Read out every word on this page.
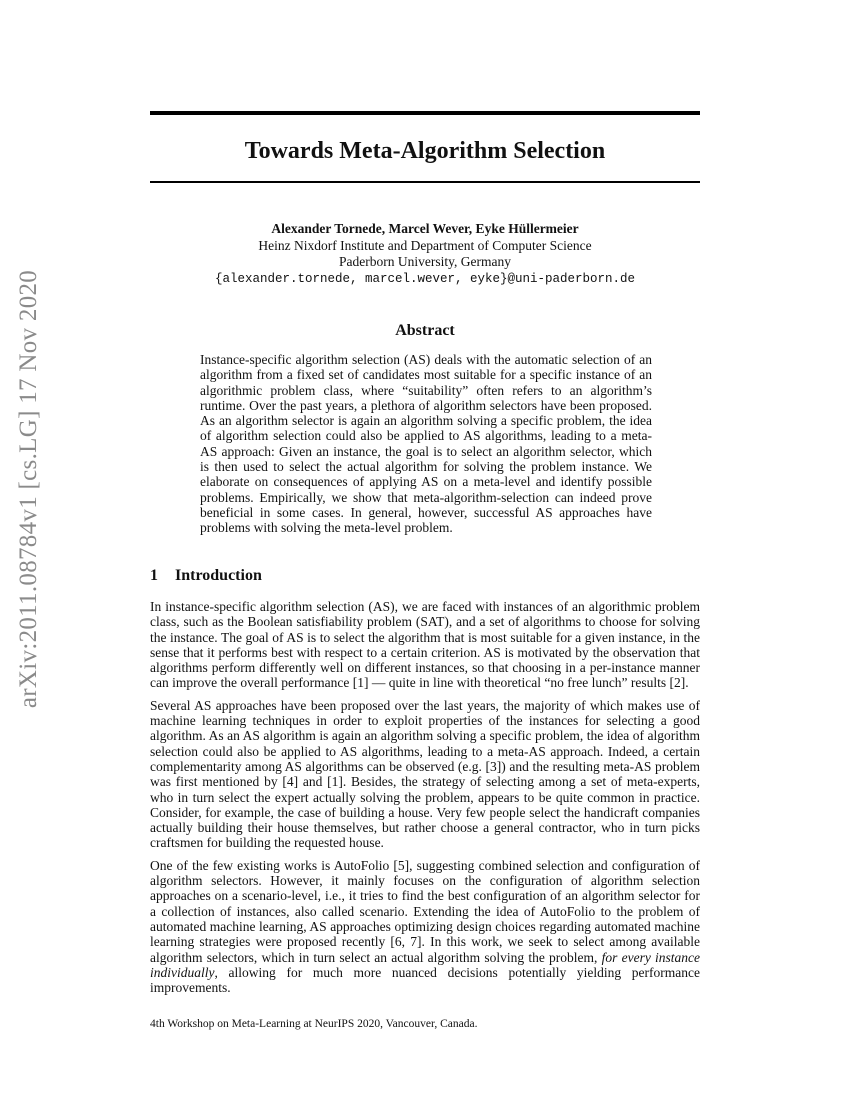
arXiv:2011.08784v1 [cs.LG] 17 Nov 2020
Towards Meta-Algorithm Selection
Alexander Tornede, Marcel Wever, Eyke Hüllermeier
Heinz Nixdorf Institute and Department of Computer Science
Paderborn University, Germany
{alexander.tornede, marcel.wever, eyke}@uni-paderborn.de
Abstract

Instance-specific algorithm selection (AS) deals with the automatic selection of an algorithm from a fixed set of candidates most suitable for a specific instance of an algorithmic problem class, where “suitability” often refers to an algorithm’s runtime. Over the past years, a plethora of algorithm selectors have been proposed. As an algorithm selector is again an algorithm solving a specific problem, the idea of algorithm selection could also be applied to AS algorithms, leading to a meta-AS approach: Given an instance, the goal is to select an algorithm selector, which is then used to select the actual algorithm for solving the problem instance. We elaborate on consequences of applying AS on a meta-level and identify possible problems. Empirically, we show that meta-algorithm-selection can indeed prove beneficial in some cases. In general, however, successful AS approaches have problems with solving the meta-level problem.

1 Introduction

In instance-specific algorithm selection (AS), we are faced with instances of an algorithmic problem class, such as the Boolean satisfiability problem (SAT), and a set of algorithms to choose for solving the instance. The goal of AS is to select the algorithm that is most suitable for a given instance, in the sense that it performs best with respect to a certain criterion. AS is motivated by the observation that algorithms perform differently well on different instances, so that choosing in a per-instance manner can improve the overall performance [1] — quite in line with theoretical “no free lunch” results [2].

Several AS approaches have been proposed over the last years, the majority of which makes use of machine learning techniques in order to exploit properties of the instances for selecting a good algorithm. As an AS algorithm is again an algorithm solving a specific problem, the idea of algorithm selection could also be applied to AS algorithms, leading to a meta-AS approach. Indeed, a certain complementarity among AS algorithms can be observed (e.g. [3]) and the resulting meta-AS problem was first mentioned by [4] and [1]. Besides, the strategy of selecting among a set of meta-experts, who in turn select the expert actually solving the problem, appears to be quite common in practice. Consider, for example, the case of building a house. Very few people select the handicraft companies actually building their house themselves, but rather choose a general contractor, who in turn picks craftsmen for building the requested house.

One of the few existing works is AutoFolio [5], suggesting combined selection and configuration of algorithm selectors. However, it mainly focuses on the configuration of algorithm selection approaches on a scenario-level, i.e., it tries to find the best configuration of an algorithm selector for a collection of instances, also called scenario. Extending the idea of AutoFolio to the problem of automated machine learning, AS approaches optimizing design choices regarding automated machine learning strategies were proposed recently [6, 7]. In this work, we seek to select among available algorithm selectors, which in turn select an actual algorithm solving the problem, for every instance individually, allowing for much more nuanced decisions potentially yielding performance improvements.

4th Workshop on Meta-Learning at NeurIPS 2020, Vancouver, Canada.
